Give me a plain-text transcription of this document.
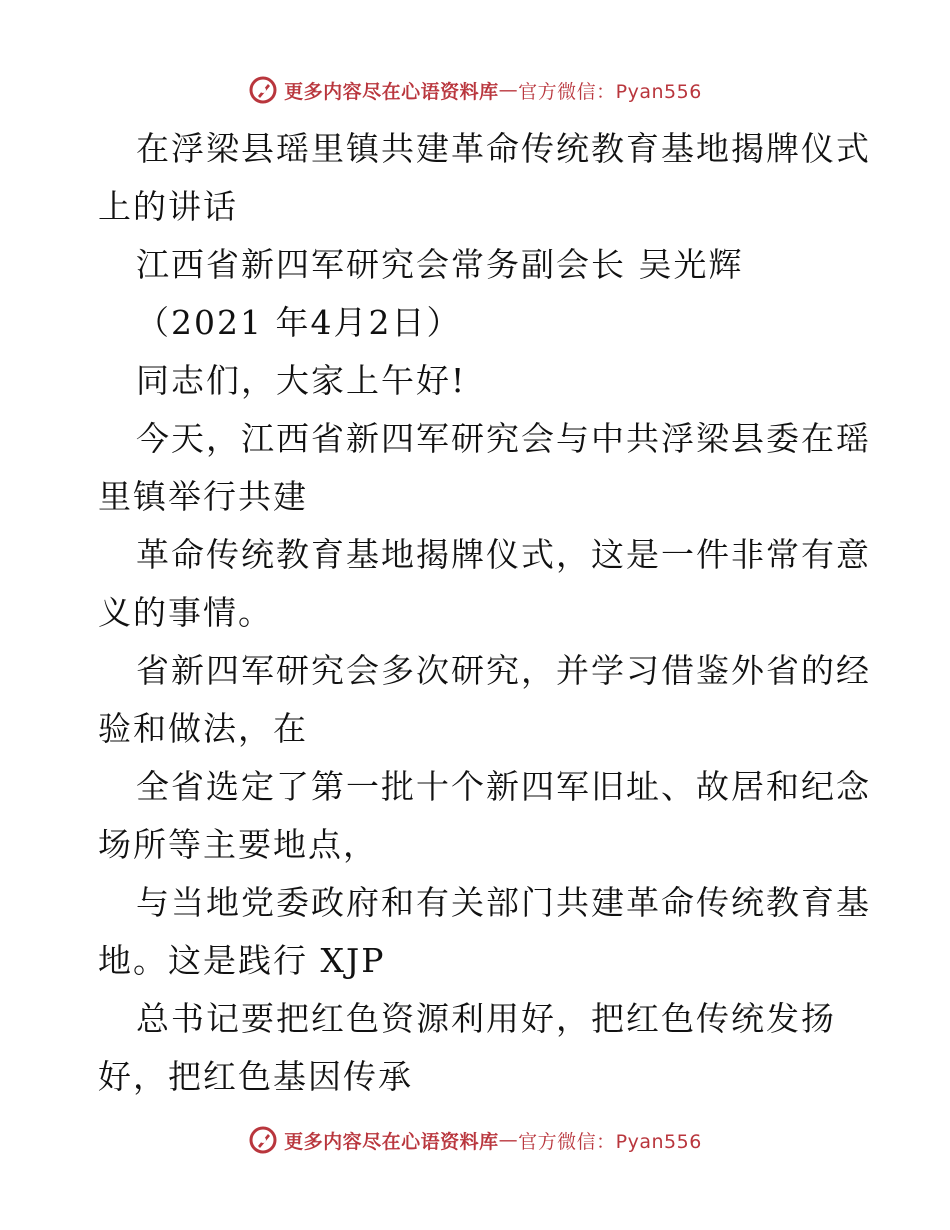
更多内容尽在心语资料库 — 官方微信：Pyan556
在浮梁县瑶里镇共建革命传统教育基地揭牌仪式
上的讲话
江西省新四军研究会常务副会长 吴光辉
（2021 年4月2日）
同志们，大家上午好!
今天，江西省新四军研究会与中共浮梁县委在瑶
里镇举行共建
革命传统教育基地揭牌仪式，这是一件非常有意
义的事情。
省新四军研究会多次研究，并学习借鉴外省的经
验和做法，在
全省选定了第一批十个新四军旧址、故居和纪念
场所等主要地点，
与当地党委政府和有关部门共建革命传统教育基
地。这是践行 XJP
总书记要把红色资源利用好，把红色传统发扬
好，把红色基因传承
更多内容尽在心语资料库 — 官方微信：Pyan556
